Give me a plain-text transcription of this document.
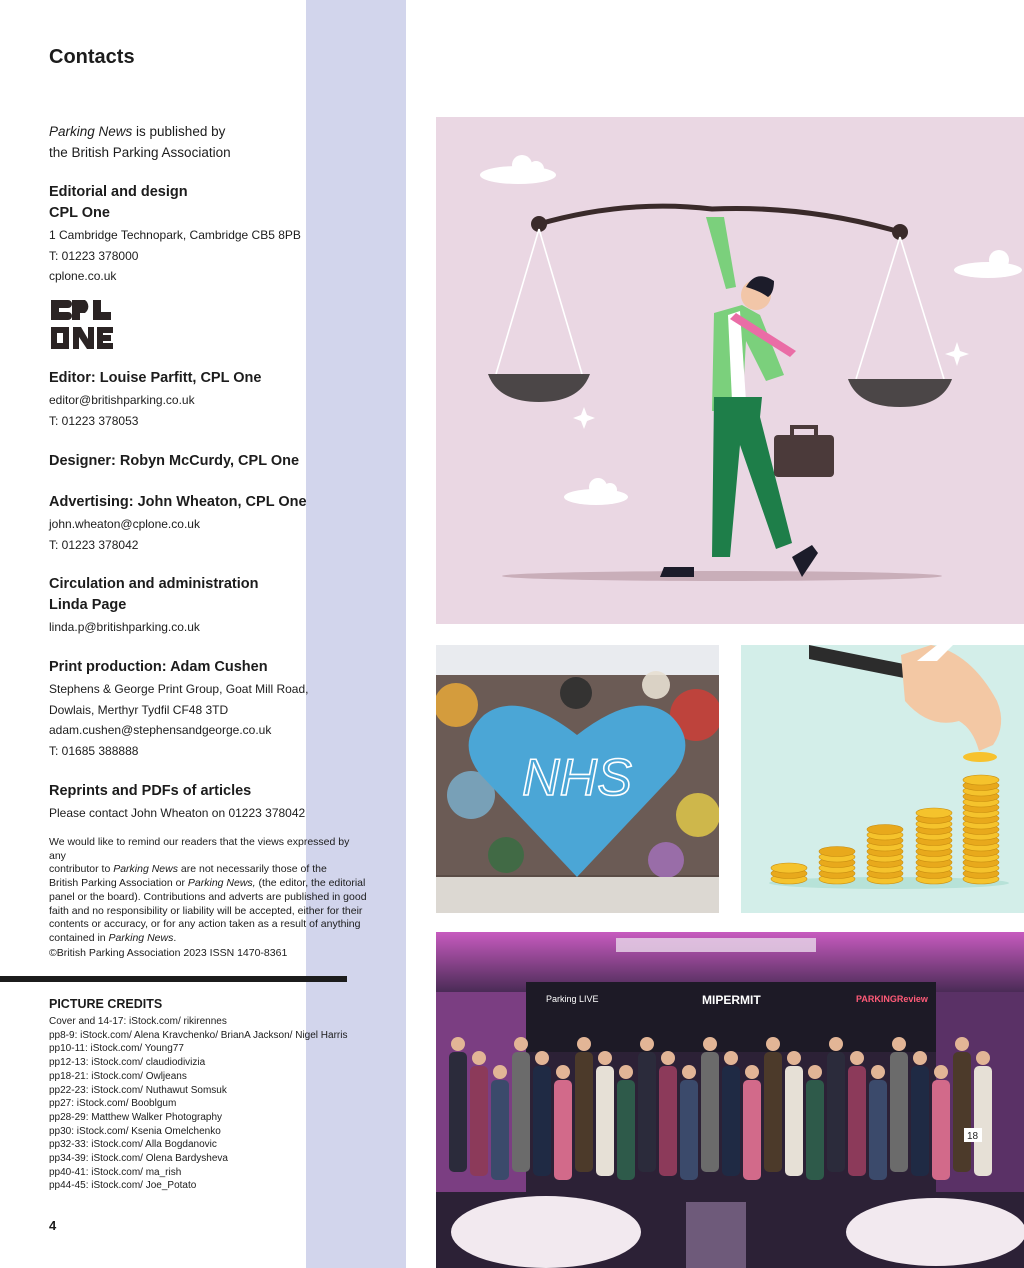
Contacts
Parking News is published by
the British Parking Association
Editorial and design
CPL One
1 Cambridge Technopark, Cambridge CB5 8PB
T: 01223 378000
cplone.co.uk
Editor: Louise Parfitt, CPL One
editor@britishparking.co.uk
T: 01223 378053
Designer: Robyn McCurdy, CPL One
Advertising: John Wheaton, CPL One
john.wheaton@cplone.co.uk
T: 01223 378042
Circulation and administration
Linda Page
linda.p@britishparking.co.uk
Print production: Adam Cushen
Stephens & George Print Group, Goat Mill Road,
Dowlais, Merthyr Tydfil CF48 3TD
adam.cushen@stephensandgeorge.co.uk
T: 01685 388888
Reprints and PDFs of articles
Please contact John Wheaton on 01223 378042
We would like to remind our readers that the views expressed by any
contributor to Parking News are not necessarily those of the
British Parking Association or Parking News, (the editor, the editorial
panel or the board). Contributions and adverts are published in good
faith and no responsibility or liability will be accepted, either for their
contents or accuracy, or for any action taken as a result of anything
contained in Parking News.
©British Parking Association 2023 ISSN 1470-8361
PICTURE CREDITS
Cover and 14-17: iStock.com/ rikirennes
pp8-9: iStock.com/ Alena Kravchenko/ BrianA Jackson/ Nigel Harris
pp10-11: iStock.com/ Young77
pp12-13: iStock.com/ claudiodivizia
pp18-21: iStock.com/ Owljeans
pp22-23: iStock.com/ Nuthawut Somsuk
pp27: iStock.com/ Booblgum
pp28-29: Matthew Walker Photography
pp30: iStock.com/ Ksenia Omelchenko
pp32-33: iStock.com/ Alla Bogdanovic
pp34-39: iStock.com/ Olena Bardysheva
pp40-41: iStock.com/ ma_rish
pp44-45: iStock.com/ Joe_Potato
4
NHS
Parking LIVE	MIPERMIT	PARKINGReview
18
